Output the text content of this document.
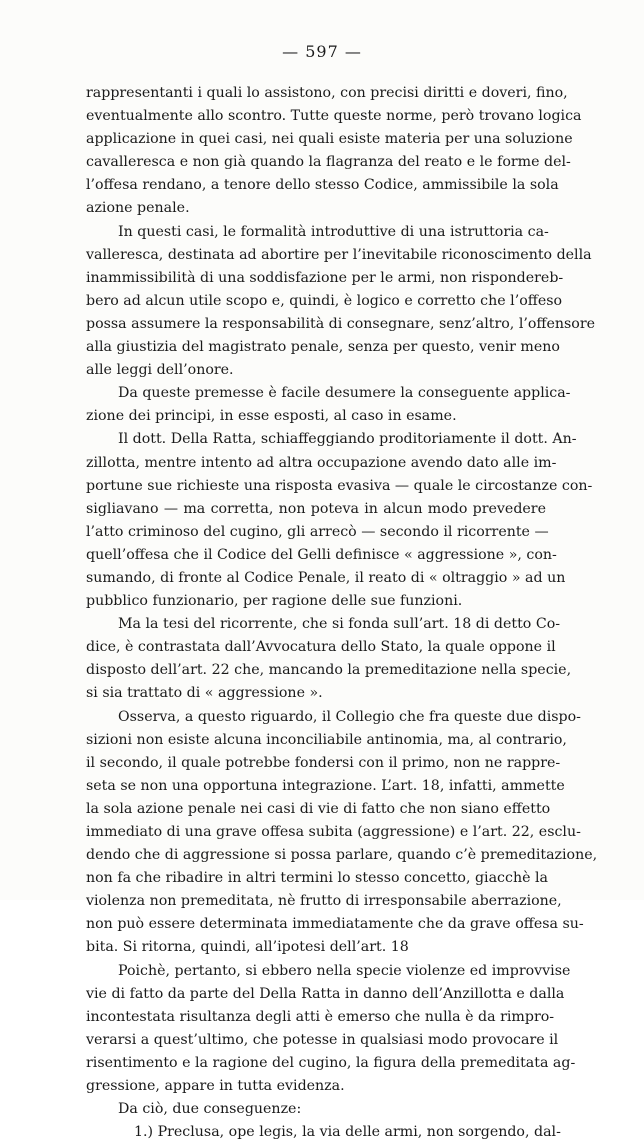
— 597 —
rappresentanti i quali lo assistono, con precisi diritti e doveri, fino,
eventualmente allo scontro. Tutte queste norme, però trovano logica
applicazione in quei casi, nei quali esiste materia per una soluzione
cavalleresca e non già quando la flagranza del reato e le forme del-
l’offesa rendano, a tenore dello stesso Codice, ammissibile la sola
azione penale.
In questi casi, le formalità introduttive di una istruttoria ca-
valleresca, destinata ad abortire per l’inevitabile riconoscimento della
inammissibilità di una soddisfazione per le armi, non rispondereb-
bero ad alcun utile scopo e, quindi, è logico e corretto che l’offeso
possa assumere la responsabilità di consegnare, senz’altro, l’offensore
alla giustizia del magistrato penale, senza per questo, venir meno
alle leggi dell’onore.
Da queste premesse è facile desumere la conseguente applica-
zione dei principi, in esse esposti, al caso in esame.
Il dott. Della Ratta, schiaffeggiando proditoriamente il dott. An-
zillotta, mentre intento ad altra occupazione avendo dato alle im-
portune sue richieste una risposta evasiva — quale le circostanze con-
sigliavano — ma corretta, non poteva in alcun modo prevedere
l’atto criminoso del cugino, gli arrecò — secondo il ricorrente —
quell’offesa che il Codice del Gelli definisce « aggressione », con-
sumando, di fronte al Codice Penale, il reato di « oltraggio » ad un
pubblico funzionario, per ragione delle sue funzioni.
Ma la tesi del ricorrente, che si fonda sull’art. 18 di detto Co-
dice, è contrastata dall’Avvocatura dello Stato, la quale oppone il
disposto dell’art. 22 che, mancando la premeditazione nella specie,
si sia trattato di « aggressione ».
Osserva, a questo riguardo, il Collegio che fra queste due dispo-
sizioni non esiste alcuna inconciliabile antinomia, ma, al contrario,
il secondo, il quale potrebbe fondersi con il primo, non ne rappre-
seta se non una opportuna integrazione. L’art. 18, infatti, ammette
la sola azione penale nei casi di vie di fatto che non siano effetto
immediato di una grave offesa subita (aggressione) e l’art. 22, esclu-
dendo che di aggressione si possa parlare, quando c’è premeditazione,
non fa che ribadire in altri termini lo stesso concetto, giacchè la
violenza non premeditata, nè frutto di irresponsabile aberrazione,
non può essere determinata immediatamente che da grave offesa su-
bita. Si ritorna, quindi, all’ipotesi dell’art. 18
Poichè, pertanto, si ebbero nella specie violenze ed improvvise
vie di fatto da parte del Della Ratta in danno dell’Anzillotta e dalla
incontestata risultanza degli atti è emerso che nulla è da rimpro-
verarsi a quest’ultimo, che potesse in qualsiasi modo provocare il
risentimento e la ragione del cugino, la figura della premeditata ag-
gressione, appare in tutta evidenza.
Da ciò, due conseguenze:
1.) Preclusa, ope legis, la via delle armi, non sorgendo, dal-
